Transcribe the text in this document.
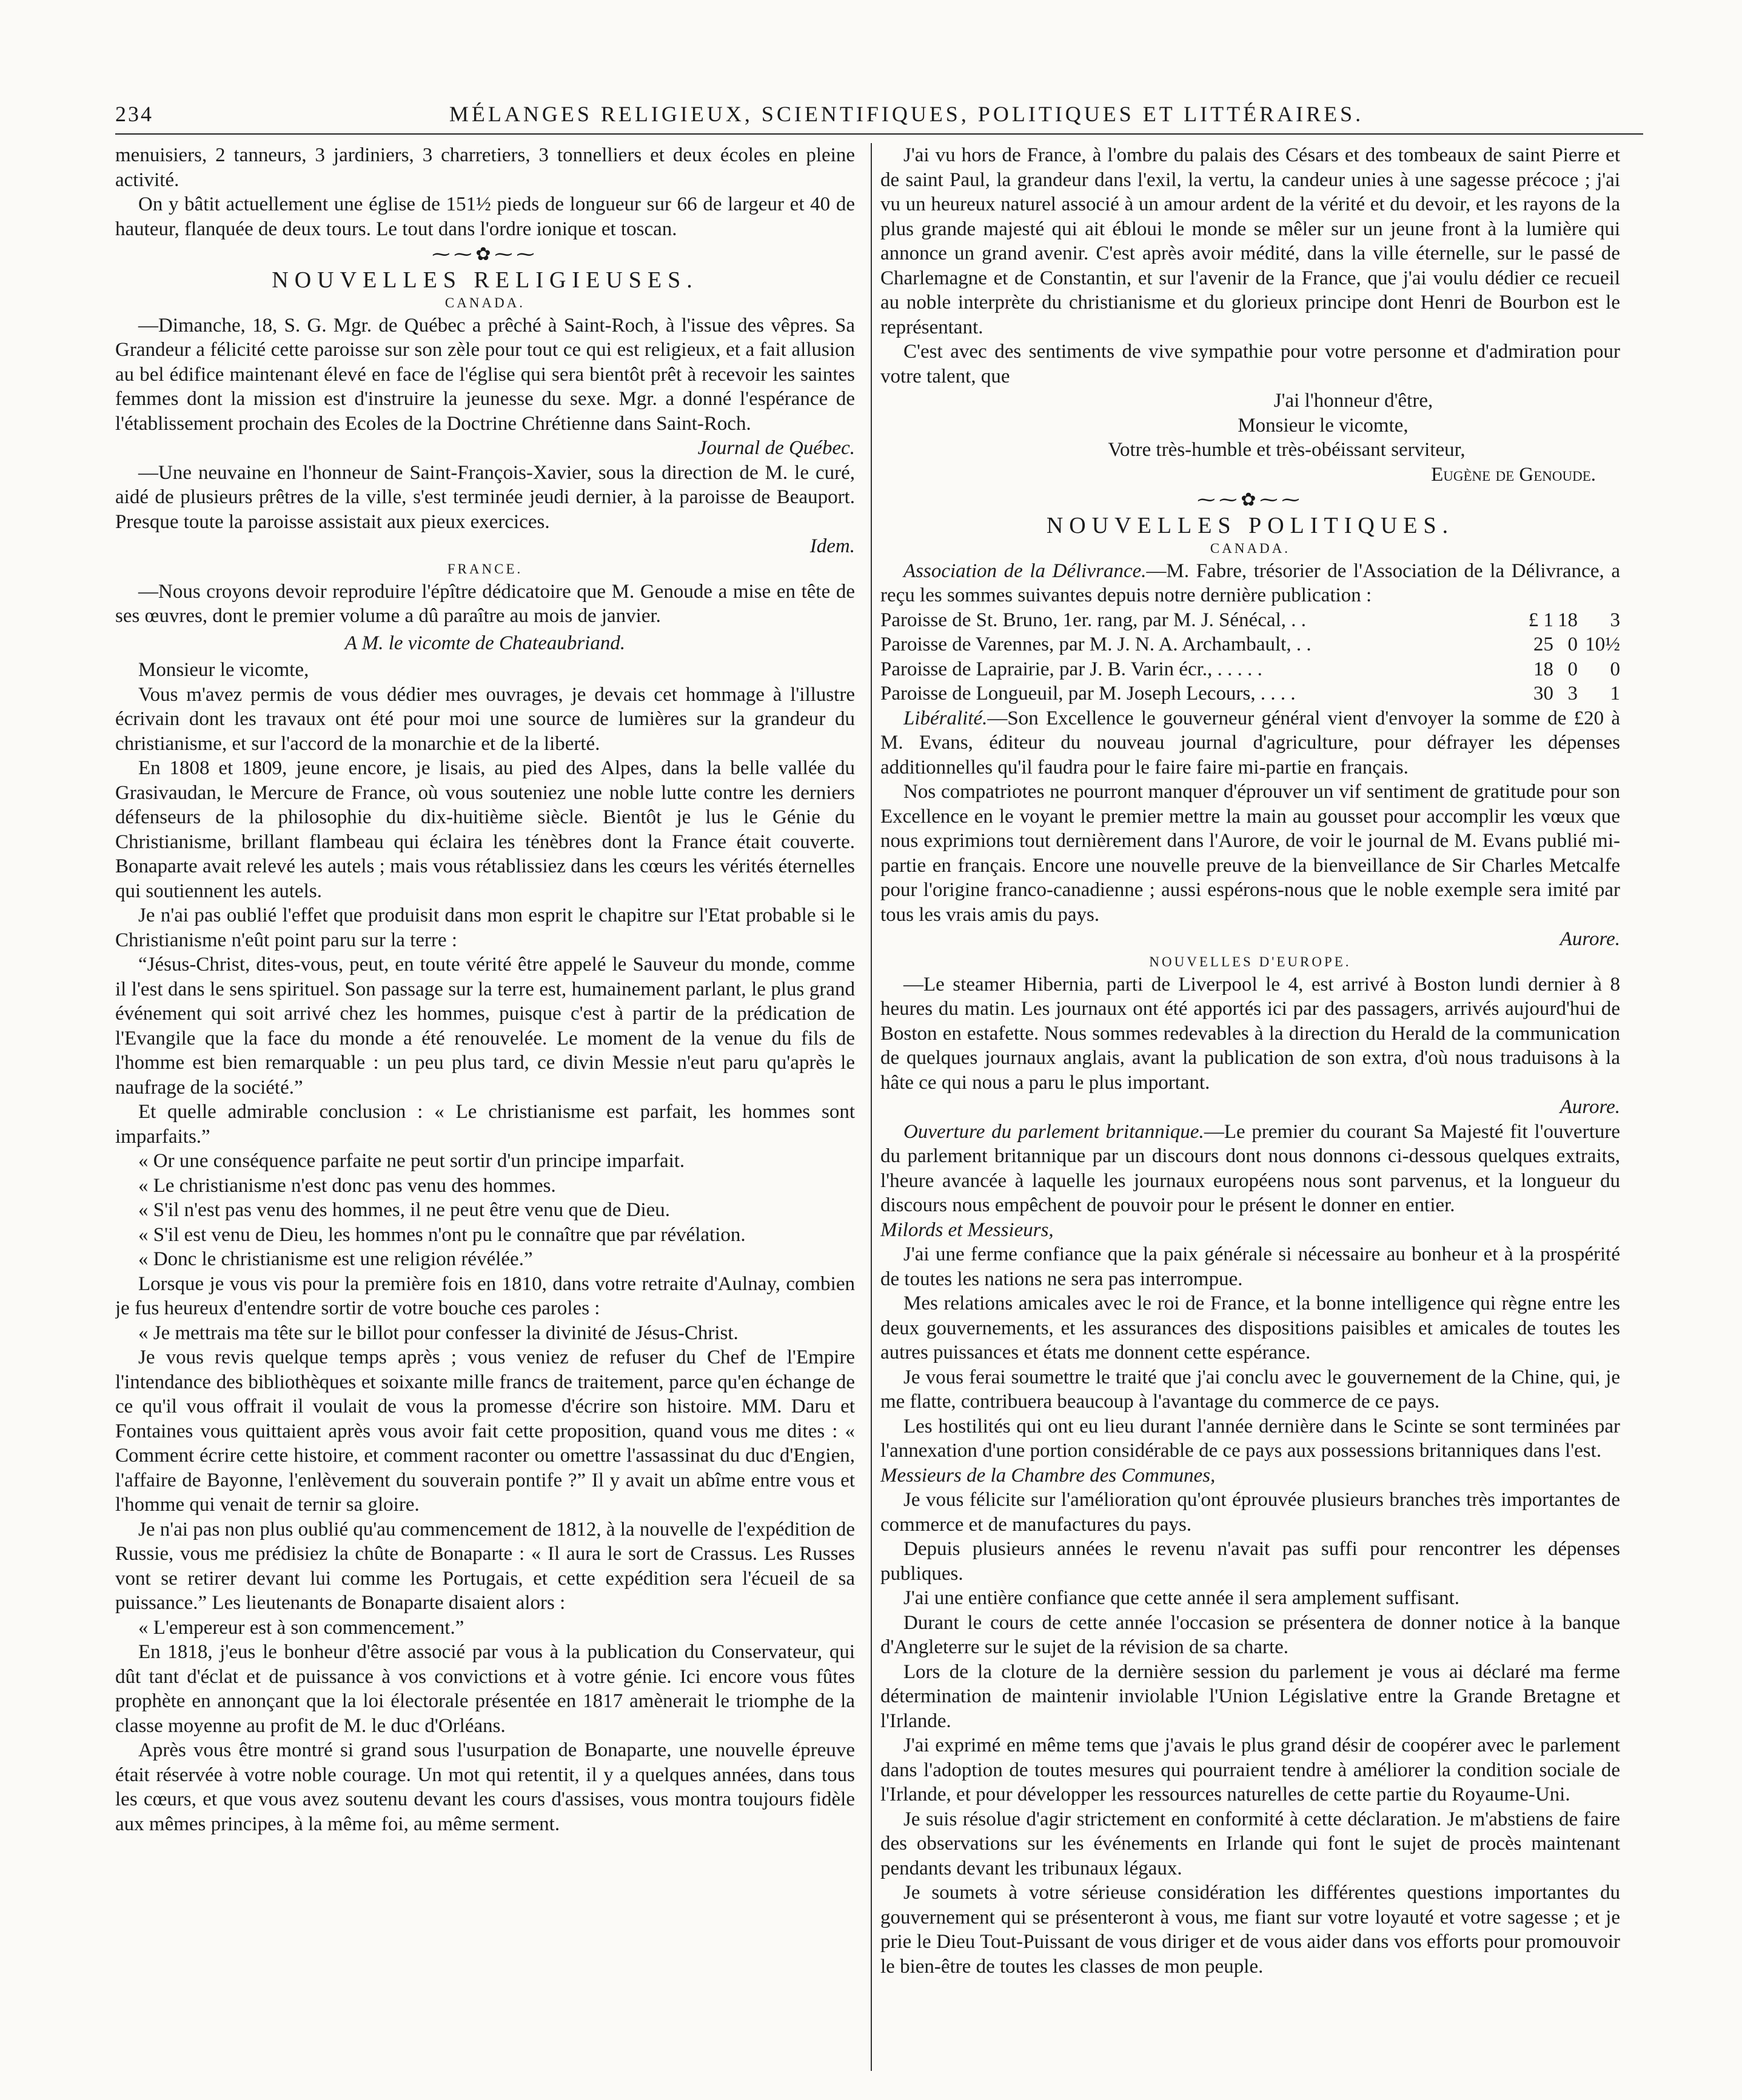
234	MÉLANGES RELIGIEUX, SCIENTIFIQUES, POLITIQUES ET LITTÉRAIRES.

menuisiers, 2 tanneurs, 3 jardiniers, 3 charretiers, 3 tonnelliers et deux écoles en pleine activité.

On y bâtit actuellement une église de 151½ pieds de longueur sur 66 de largeur et 40 de hauteur, flanquée de deux tours. Le tout dans l'ordre ionique et toscan.

⁓⁓✿⁓⁓
NOUVELLES RELIGIEUSES.
CANADA.

—Dimanche, 18, S. G. Mgr. de Québec a prêché à Saint-Roch, à l'issue des vêpres. Sa Grandeur a félicité cette paroisse sur son zèle pour tout ce qui est religieux, et a fait allusion au bel édifice maintenant élevé en face de l'église qui sera bientôt prêt à recevoir les saintes femmes dont la mission est d'instruire la jeunesse du sexe. Mgr. a donné l'espérance de l'établissement prochain des Ecoles de la Doctrine Chrétienne dans Saint-Roch.

Journal de Québec.

—Une neuvaine en l'honneur de Saint-François-Xavier, sous la direction de M. le curé, aidé de plusieurs prêtres de la ville, s'est terminée jeudi dernier, à la paroisse de Beauport. Presque toute la paroisse assistait aux pieux exercices.

Idem.
FRANCE.

—Nous croyons devoir reproduire l'épître dédicatoire que M. Genoude a mise en tête de ses œuvres, dont le premier volume a dû paraître au mois de janvier.

A M. le vicomte de Chateaubriand.

Monsieur le vicomte,

Vous m'avez permis de vous dédier mes ouvrages, je devais cet hommage à l'illustre écrivain dont les travaux ont été pour moi une source de lumières sur la grandeur du christianisme, et sur l'accord de la monarchie et de la liberté.

En 1808 et 1809, jeune encore, je lisais, au pied des Alpes, dans la belle vallée du Grasivaudan, le Mercure de France, où vous souteniez une noble lutte contre les derniers défenseurs de la philosophie du dix-huitième siècle. Bientôt je lus le Génie du Christianisme, brillant flambeau qui éclaira les ténèbres dont la France était couverte. Bonaparte avait relevé les autels ; mais vous rétablissiez dans les cœurs les vérités éternelles qui soutiennent les autels.

Je n'ai pas oublié l'effet que produisit dans mon esprit le chapitre sur l'Etat probable si le Christianisme n'eût point paru sur la terre :

“Jésus-Christ, dites-vous, peut, en toute vérité être appelé le Sauveur du monde, comme il l'est dans le sens spirituel. Son passage sur la terre est, humainement parlant, le plus grand événement qui soit arrivé chez les hommes, puisque c'est à partir de la prédication de l'Evangile que la face du monde a été renouvelée. Le moment de la venue du fils de l'homme est bien remarquable : un peu plus tard, ce divin Messie n'eut paru qu'après le naufrage de la société.”

Et quelle admirable conclusion : « Le christianisme est parfait, les hommes sont imparfaits.”

« Or une conséquence parfaite ne peut sortir d'un principe imparfait.

« Le christianisme n'est donc pas venu des hommes.

« S'il n'est pas venu des hommes, il ne peut être venu que de Dieu.

« S'il est venu de Dieu, les hommes n'ont pu le connaître que par révélation.

« Donc le christianisme est une religion révélée.”

Lorsque je vous vis pour la première fois en 1810, dans votre retraite d'Aulnay, combien je fus heureux d'entendre sortir de votre bouche ces paroles :

« Je mettrais ma tête sur le billot pour confesser la divinité de Jésus-Christ.

Je vous revis quelque temps après ; vous veniez de refuser du Chef de l'Empire l'intendance des bibliothèques et soixante mille francs de traitement, parce qu'en échange de ce qu'il vous offrait il voulait de vous la promesse d'écrire son histoire. MM. Daru et Fontaines vous quittaient après vous avoir fait cette proposition, quand vous me dites : « Comment écrire cette histoire, et comment raconter ou omettre l'assassinat du duc d'Engien, l'affaire de Bayonne, l'enlèvement du souverain pontife ?” Il y avait un abîme entre vous et l'homme qui venait de ternir sa gloire.

Je n'ai pas non plus oublié qu'au commencement de 1812, à la nouvelle de l'expédition de Russie, vous me prédisiez la chûte de Bonaparte : « Il aura le sort de Crassus. Les Russes vont se retirer devant lui comme les Portugais, et cette expédition sera l'écueil de sa puissance.” Les lieutenants de Bonaparte disaient alors :

« L'empereur est à son commencement.”

En 1818, j'eus le bonheur d'être associé par vous à la publication du Conservateur, qui dût tant d'éclat et de puissance à vos convictions et à votre génie. Ici encore vous fûtes prophète en annonçant que la loi électorale présentée en 1817 amènerait le triomphe de la classe moyenne au profit de M. le duc d'Orléans.

Après vous être montré si grand sous l'usurpation de Bonaparte, une nouvelle épreuve était réservée à votre noble courage. Un mot qui retentit, il y a quelques années, dans tous les cœurs, et que vous avez soutenu devant les cours d'assises, vous montra toujours fidèle aux mêmes principes, à la même foi, au même serment.

J'ai vu hors de France, à l'ombre du palais des Césars et des tombeaux de saint Pierre et de saint Paul, la grandeur dans l'exil, la vertu, la candeur unies à une sagesse précoce ; j'ai vu un heureux naturel associé à un amour ardent de la vérité et du devoir, et les rayons de la plus grande majesté qui ait ébloui le monde se mêler sur un jeune front à la lumière qui annonce un grand avenir. C'est après avoir médité, dans la ville éternelle, sur le passé de Charlemagne et de Constantin, et sur l'avenir de la France, que j'ai voulu dédier ce recueil au noble interprète du christianisme et du glorieux principe dont Henri de Bourbon est le représentant.

C'est avec des sentiments de vive sympathie pour votre personne et d'admiration pour votre talent, que

J'ai l'honneur d'être,
Monsieur le vicomte,
Votre très-humble et très-obéissant serviteur,
Eugène de Genoude.
⁓⁓✿⁓⁓
NOUVELLES POLITIQUES.
CANADA.

Association de la Délivrance.—M. Fabre, trésorier de l'Association de la Délivrance, a reçu les sommes suivantes depuis notre dernière publication :

Paroisse de St. Bruno, 1er. rang, par M. J. Sénécal, . .	£ 1	18	3
Paroisse de Varennes, par M. J. N. A. Archambault, . .	25	0	10½
Paroisse de Laprairie, par J. B. Varin écr., . . . . .	18	0	0
Paroisse de Longueuil, par M. Joseph Lecours, . . . .	30	3	1

Libéralité.—Son Excellence le gouverneur général vient d'envoyer la somme de £20 à M. Evans, éditeur du nouveau journal d'agriculture, pour défrayer les dépenses additionnelles qu'il faudra pour le faire faire mi-partie en français.

Nos compatriotes ne pourront manquer d'éprouver un vif sentiment de gratitude pour son Excellence en le voyant le premier mettre la main au gousset pour accomplir les vœux que nous exprimions tout dernièrement dans l'Aurore, de voir le journal de M. Evans publié mi-partie en français. Encore une nouvelle preuve de la bienveillance de Sir Charles Metcalfe pour l'origine franco-canadienne ; aussi espérons-nous que le noble exemple sera imité par tous les vrais amis du pays.

Aurore.
NOUVELLES D'EUROPE.

—Le steamer Hibernia, parti de Liverpool le 4, est arrivé à Boston lundi dernier à 8 heures du matin. Les journaux ont été apportés ici par des passagers, arrivés aujourd'hui de Boston en estafette. Nous sommes redevables à la direction du Herald de la communication de quelques journaux anglais, avant la publication de son extra, d'où nous traduisons à la hâte ce qui nous a paru le plus important.

Aurore.

Ouverture du parlement britannique.—Le premier du courant Sa Majesté fit l'ouverture du parlement britannique par un discours dont nous donnons ci-dessous quelques extraits, l'heure avancée à laquelle les journaux européens nous sont parvenus, et la longueur du discours nous empêchent de pouvoir pour le présent le donner en entier.

Milords et Messieurs,

J'ai une ferme confiance que la paix générale si nécessaire au bonheur et à la prospérité de toutes les nations ne sera pas interrompue.

Mes relations amicales avec le roi de France, et la bonne intelligence qui règne entre les deux gouvernements, et les assurances des dispositions paisibles et amicales de toutes les autres puissances et états me donnent cette espérance.

Je vous ferai soumettre le traité que j'ai conclu avec le gouvernement de la Chine, qui, je me flatte, contribuera beaucoup à l'avantage du commerce de ce pays.

Les hostilités qui ont eu lieu durant l'année dernière dans le Scinte se sont terminées par l'annexation d'une portion considérable de ce pays aux possessions britanniques dans l'est.

Messieurs de la Chambre des Communes,

Je vous félicite sur l'amélioration qu'ont éprouvée plusieurs branches très importantes de commerce et de manufactures du pays.

Depuis plusieurs années le revenu n'avait pas suffi pour rencontrer les dépenses publiques.

J'ai une entière confiance que cette année il sera amplement suffisant.

Durant le cours de cette année l'occasion se présentera de donner notice à la banque d'Angleterre sur le sujet de la révision de sa charte.

Lors de la cloture de la dernière session du parlement je vous ai déclaré ma ferme détermination de maintenir inviolable l'Union Législative entre la Grande Bretagne et l'Irlande.

J'ai exprimé en même tems que j'avais le plus grand désir de coopérer avec le parlement dans l'adoption de toutes mesures qui pourraient tendre à améliorer la condition sociale de l'Irlande, et pour développer les ressources naturelles de cette partie du Royaume-Uni.

Je suis résolue d'agir strictement en conformité à cette déclaration. Je m'abstiens de faire des observations sur les événements en Irlande qui font le sujet de procès maintenant pendants devant les tribunaux légaux.

Je soumets à votre sérieuse considération les différentes questions importantes du gouvernement qui se présenteront à vous, me fiant sur votre loyauté et votre sagesse ; et je prie le Dieu Tout-Puissant de vous diriger et de vous aider dans vos efforts pour promouvoir le bien-être de toutes les classes de mon peuple.
